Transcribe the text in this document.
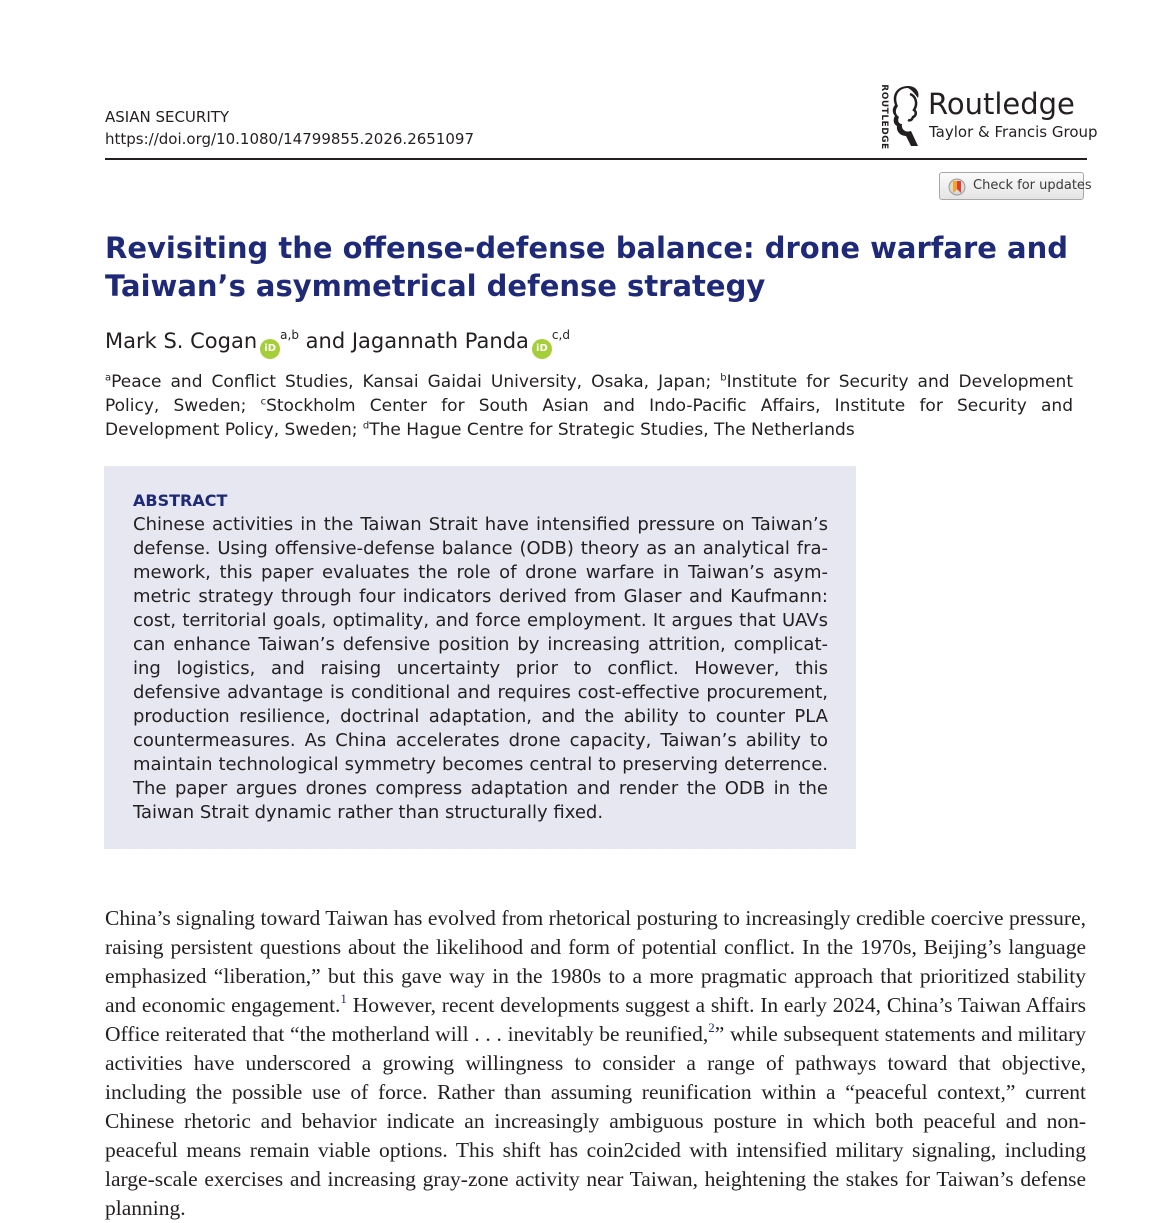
ASIAN SECURITY
https://doi.org/10.1080/14799855.2026.2651097	ROUTLEDGE Routledge
Taylor & Francis Group
Check for updates
Revisiting the offense-defense balance: drone warfare and Taiwan’s asymmetrical defense strategy
Mark S. Cogan iD$^{a,b}$ and Jagannath Panda iD$^{c,d}$
$^a$Peace and Conflict Studies, Kansai Gaidai University, Osaka, Japan; $^b$Institute for Security and Development Policy, Sweden; $^c$Stockholm Center for South Asian and Indo-Pacific Affairs, Institute for Security and Development Policy, Sweden; $^d$The Hague Centre for Strategic Studies, The Netherlands
ABSTRACT
Chinese activities in the Taiwan Strait have intensified pressure on Taiwan’s defense. Using offensive-defense balance (ODB) theory as an analytical framework, this paper evaluates the role of drone warfare in Taiwan’s asymmetric strategy through four indicators derived from Glaser and Kaufmann: cost, territorial goals, optimality, and force employment. It argues that UAVs can enhance Taiwan’s defensive position by increasing attrition, complicating logistics, and raising uncertainty prior to conflict. However, this defensive advantage is conditional and requires cost-effective procurement, production resilience, doctrinal adaptation, and the ability to counter PLA countermeasures. As China accelerates drone capacity, Taiwan’s ability to maintain technological symmetry becomes central to preserving deterrence. The paper argues drones compress adaptation and render the ODB in the Taiwan Strait dynamic rather than structurally fixed.

China’s signaling toward Taiwan has evolved from rhetorical posturing to increasingly credible coercive pressure, raising persistent questions about the likelihood and form of potential conflict. In the 1970s, Beijing’s language emphasized “liberation,” but this gave way in the 1980s to a more pragmatic approach that prioritized stability and economic engagement.$^1$ However, recent developments suggest a shift. In early 2024, China’s Taiwan Affairs Office reiterated that “the motherland will . . . inevitably be reunified,$^2$” while subsequent statements and military activities have underscored a growing willingness to consider a range of pathways toward that objective, including the possible use of force. Rather than assuming reunification within a “peaceful context,” current Chinese rhetoric and behavior indicate an increasingly ambiguous posture in which both peaceful and non-peaceful means remain viable options. This shift has coin2cided with intensified military signaling, including large-scale exercises and increasing gray-zone activity near Taiwan, heightening the stakes for Taiwan’s defense planning.
